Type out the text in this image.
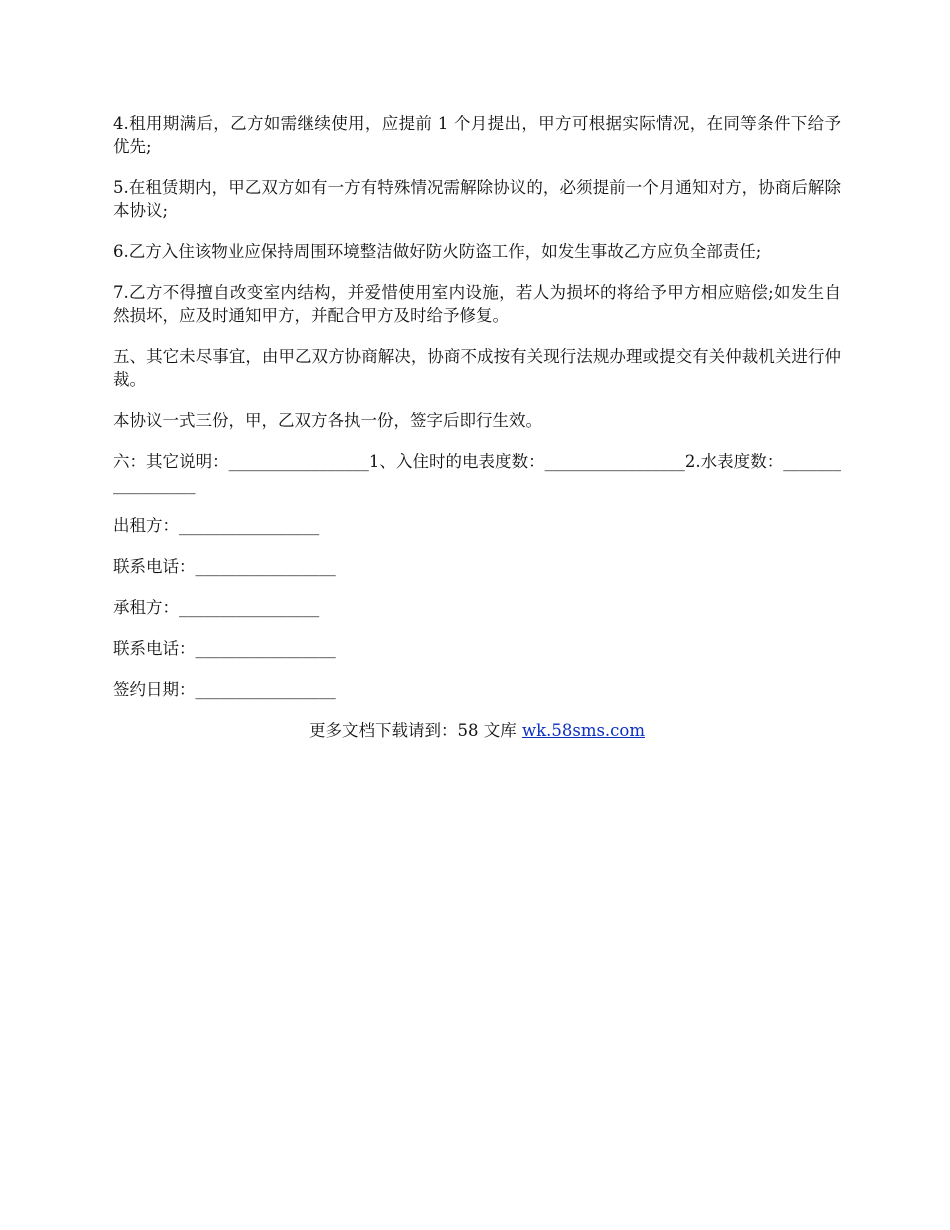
4.租用期满后，乙方如需继续使用，应提前 1 个月提出，甲方可根据实际情况，在同等条件下给予优先;

5.在租赁期内，甲乙双方如有一方有特殊情况需解除协议的，必须提前一个月通知对方，协商后解除本协议;

6.乙方入住该物业应保持周围环境整洁做好防火防盗工作，如发生事故乙方应负全部责任;

7.乙方不得擅自改变室内结构，并爱惜使用室内设施，若人为损坏的将给予甲方相应赔偿;如发生自然损坏，应及时通知甲方，并配合甲方及时给予修复。

五、其它未尽事宜，由甲乙双方协商解决，协商不成按有关现行法规办理或提交有关仲裁机关进行仲裁。

本协议一式三份，甲，乙双方各执一份，签字后即行生效。

六：其它说明：_________________1、入住时的电表度数：_________________2.水表度数：_________________

出租方：_________________

联系电话：_________________

承租方：_________________

联系电话：_________________

签约日期：_________________

更多文档下载请到：58 文库 wk.58sms.com
